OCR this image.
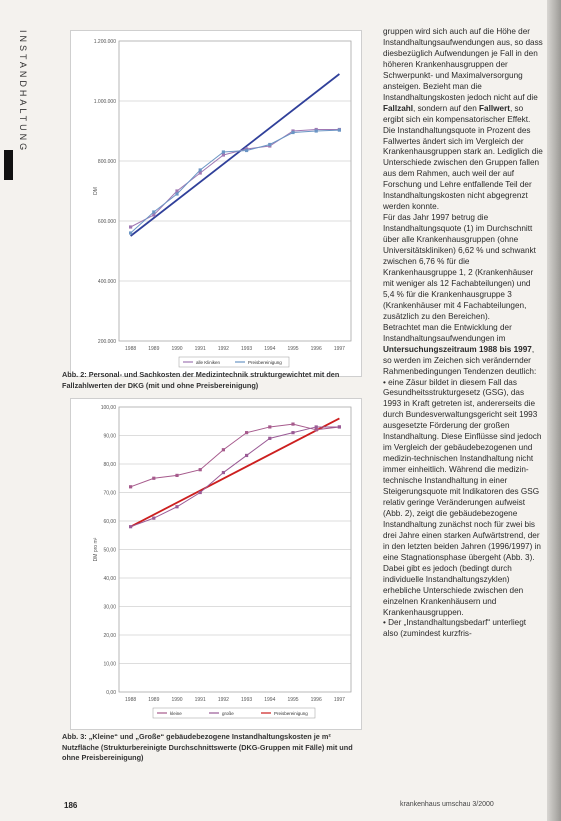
INSTANDHALTUNG	1.200.000
1.000.000
800.000
600.000
400.000
200.000
1988 1989 1990 1991 1992 1993 1994 1995 1996 1997
DM
alle Kliniken	Preisbereinigung
Abb. 2: Personal- und Sachkosten der Medizintechnik strukturgewichtet mit den Fallzahlwerten der DKG (mit und ohne Preisbereinigung)
100,00
90,00
80,00
70,00
60,00
50,00
40,00
30,00
20,00
10,00
0,00
1988 1989 1990 1991 1992 1993 1994 1995 1996 1997
DM pro m²
kleine	große	Preisbereinigung
Abb. 3: „Kleine“ und „Große“ gebäudebezogene Instandhaltungskosten je m² Nutzfläche (Strukturbereinigte Durchschnittswerte (DKG-Gruppen mit Fälle) mit und ohne Preisbereinigung)

gruppen wird sich auch auf die Höhe der Instandhaltungsaufwendungen aus, so dass diesbezüglich Aufwendungen je Fall in den höheren Krankenhausgruppen der Schwerpunkt- und Maximalversorgung ansteigen. Bezieht man die Instandhaltungskosten jedoch nicht auf die Fallzahl, sondern auf den Fallwert, so ergibt sich ein kompensatorischer Effekt. Die Instandhaltungsquote in Prozent des Fallwertes ändert sich im Vergleich der Krankenhausgruppen stark an. Lediglich die Unterschiede zwischen den Gruppen fallen aus dem Rahmen, auch weil der auf Forschung und Lehre entfallende Teil der Instandhaltungskosten nicht abgegrenzt werden konnte.

Für das Jahr 1997 betrug die Instandhaltungsquote (1) im Durchschnitt über alle Krankenhausgruppen (ohne Universitätskliniken) 6,62 % und schwankt zwischen 6,76 % für die Krankenhausgruppe 1, 2 (Krankenhäuser mit weniger als 12 Fachabteilungen) und 5,4 % für die Krankenhausgruppe 3 (Krankenhäuser mit 4 Fachabteilungen, zusätzlich zu den Bereichen).

Betrachtet man die Entwicklung der Instandhaltungsaufwendungen im Untersuchungszeitraum 1988 bis 1997, so werden im Zeichen sich verändernder Rahmenbedingungen Tendenzen deutlich:

• eine Zäsur bildet in diesem Fall das Gesundheitsstrukturgesetz (GSG), das 1993 in Kraft getreten ist, andererseits die durch Bundesverwaltungsgericht seit 1993 ausgesetzte Förderung der großen Instandhaltung. Diese Einflüsse sind jedoch im Vergleich der gebäudebezogenen und medizin-technischen Instandhaltung nicht immer einheitlich. Während die medizin-technische Instandhaltung in einer Steigerungsquote mit Indikatoren des GSG relativ geringe Veränderungen aufweist (Abb. 2), zeigt die gebäudebezogene Instandhaltung zunächst noch für zwei bis drei Jahre einen starken Aufwärtstrend, der in den letzten beiden Jahren (1996/1997) in eine Stagnationsphase übergeht (Abb. 3). Dabei gibt es jedoch (bedingt durch individuelle Instandhaltungszyklen) erhebliche Unterschiede zwischen den einzelnen Krankenhäusern und Krankenhausgruppen.

• Der „Instandhaltungsbedarf“ unterliegt also (zumindest kurzfris-

186	krankenhaus umschau 3/2000
